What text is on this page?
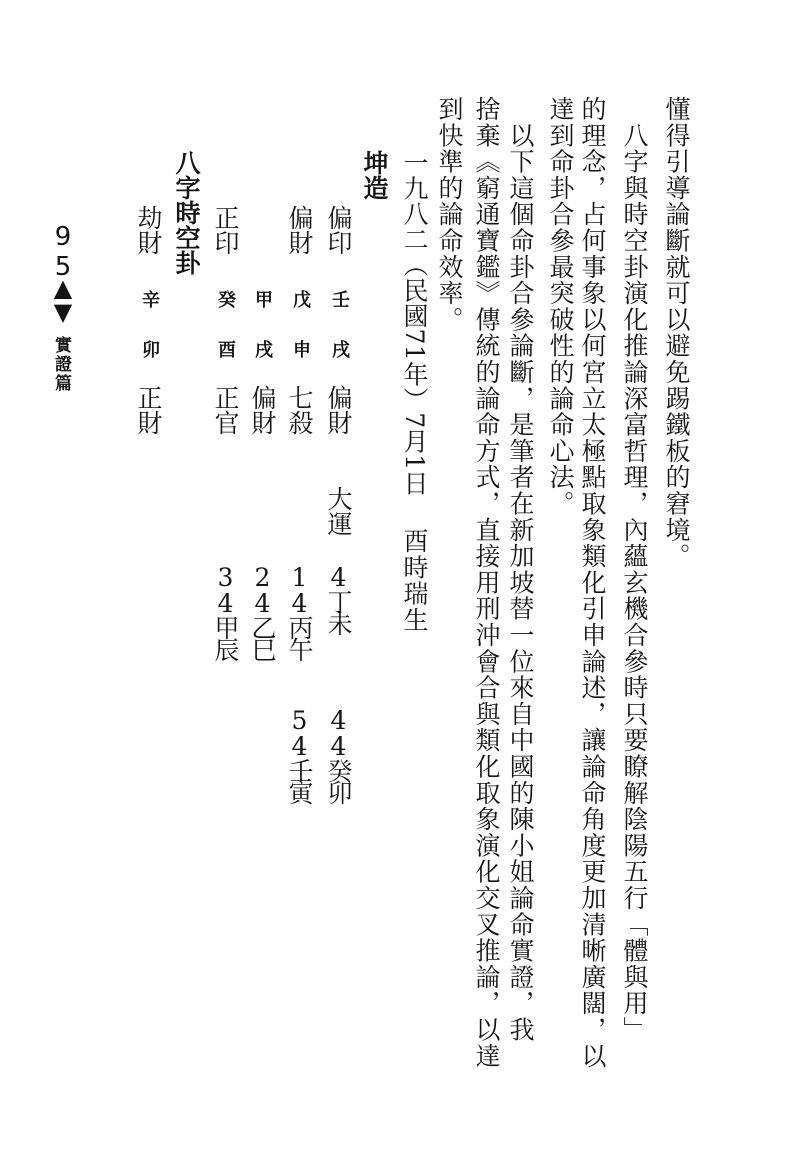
95
▲
▼
實證篇	懂得引導論斷就可以避免踢鐵板的窘境。
　八字與時空卦演化推論深富哲理，內蘊玄機合參時只要瞭解陰陽五行「體與用」
的理念，占何事象以何宮立太極點取象類化引申論述，讓論命角度更加清晰廣闊，以
達到命卦合參最突破性的論命心法。
　以下這個命卦合參論斷，是筆者在新加坡替一位來自中國的陳小姐論命實證，我
捨棄《窮通寶鑑》傳統的論命方式，直接用刑沖會合與類化取象演化交叉推論，以達
到快準的論命效率。
坤造 一九八二（民國71年）7月1日
酉時瑞生
大運
偏印
壬
戌
偏財
4丁未
44癸卯
偏財
戊
申
七殺
14丙午
54壬寅
甲
戌
偏財
24乙巳
正印
癸
酉
正官
34甲辰
八字時空卦
劫財
辛
卯
正財
